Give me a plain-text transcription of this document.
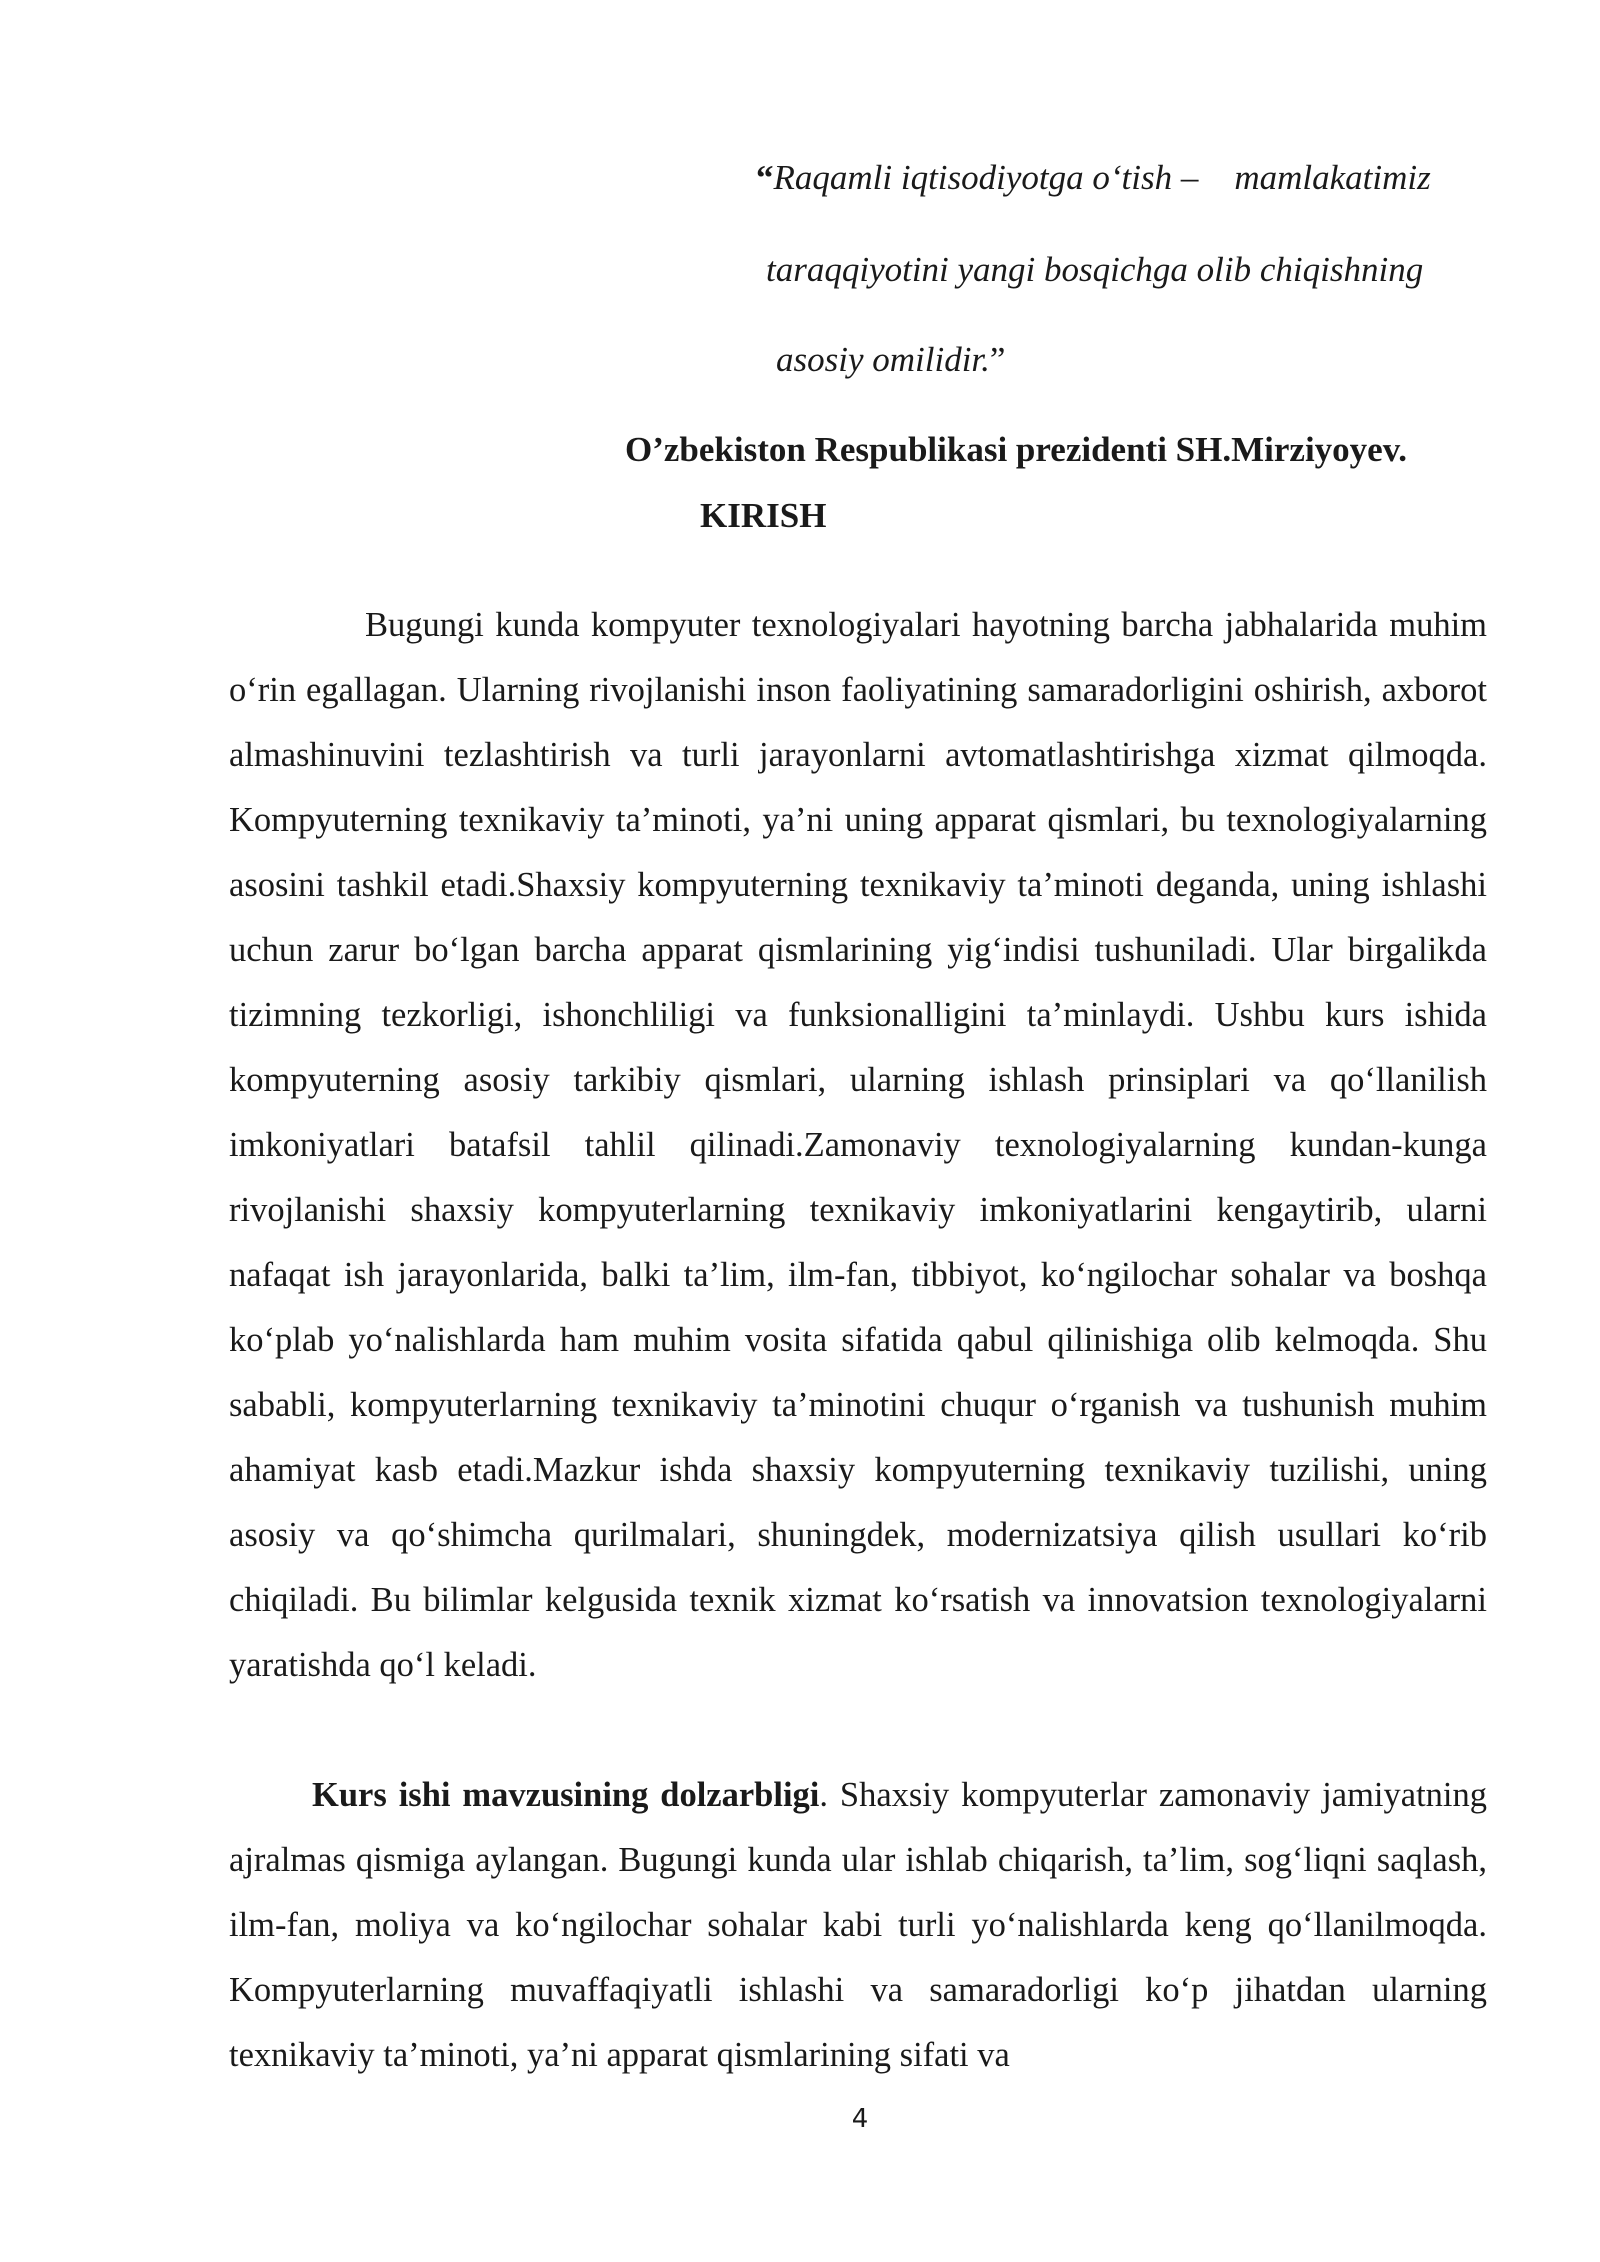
“Raqamli iqtisodiyotga o‘tish – mamlakatimiz
taraqqiyotini yangi bosqichga olib chiqishning
asosiy omilidir.”
O’zbekiston Respublikasi prezidenti SH.Mirziyoyev.
KIRISH

Bugungi kunda kompyuter texnologiyalari hayotning barcha jabhalarida muhim o‘rin egallagan. Ularning rivojlanishi inson faoliyatining samaradorligini oshirish, axborot almashinuvini tezlashtirish va turli jarayonlarni avtomatlashtirishga xizmat qilmoqda. Kompyuterning texnikaviy ta’minoti, ya’ni uning apparat qismlari, bu texnologiyalarning asosini tashkil etadi.Shaxsiy kompyuterning texnikaviy ta’minoti deganda, uning ishlashi uchun zarur bo‘lgan barcha apparat qismlarining yig‘indisi tushuniladi. Ular birgalikda tizimning tezkorligi, ishonchliligi va funksionalligini ta’minlaydi. Ushbu kurs ishida kompyuterning asosiy tarkibiy qismlari, ularning ishlash prinsiplari va qo‘llanilish imkoniyatlari batafsil tahlil qilinadi.Zamonaviy texnologiyalarning kundan-kunga rivojlanishi shaxsiy kompyuterlarning texnikaviy imkoniyatlarini kengaytirib, ularni nafaqat ish jarayonlarida, balki ta’lim, ilm-fan, tibbiyot, ko‘ngilochar sohalar va boshqa ko‘plab yo‘nalishlarda ham muhim vosita sifatida qabul qilinishiga olib kelmoqda. Shu sababli, kompyuterlarning texnikaviy ta’minotini chuqur o‘rganish va tushunish muhim ahamiyat kasb etadi.Mazkur ishda shaxsiy kompyuterning texnikaviy tuzilishi, uning asosiy va qo‘shimcha qurilmalari, shuningdek, modernizatsiya qilish usullari ko‘rib chiqiladi. Bu bilimlar kelgusida texnik xizmat ko‘rsatish va innovatsion texnologiyalarni yaratishda qo‘l keladi.

Kurs ishi mavzusining dolzarbligi. Shaxsiy kompyuterlar zamonaviy jamiyatning ajralmas qismiga aylangan. Bugungi kunda ular ishlab chiqarish, ta’lim, sog‘liqni saqlash, ilm-fan, moliya va ko‘ngilochar sohalar kabi turli yo‘nalishlarda keng qo‘llanilmoqda. Kompyuterlarning muvaffaqiyatli ishlashi va samaradorligi ko‘p jihatdan ularning texnikaviy ta’minoti, ya’ni apparat qismlarining sifati va

4
